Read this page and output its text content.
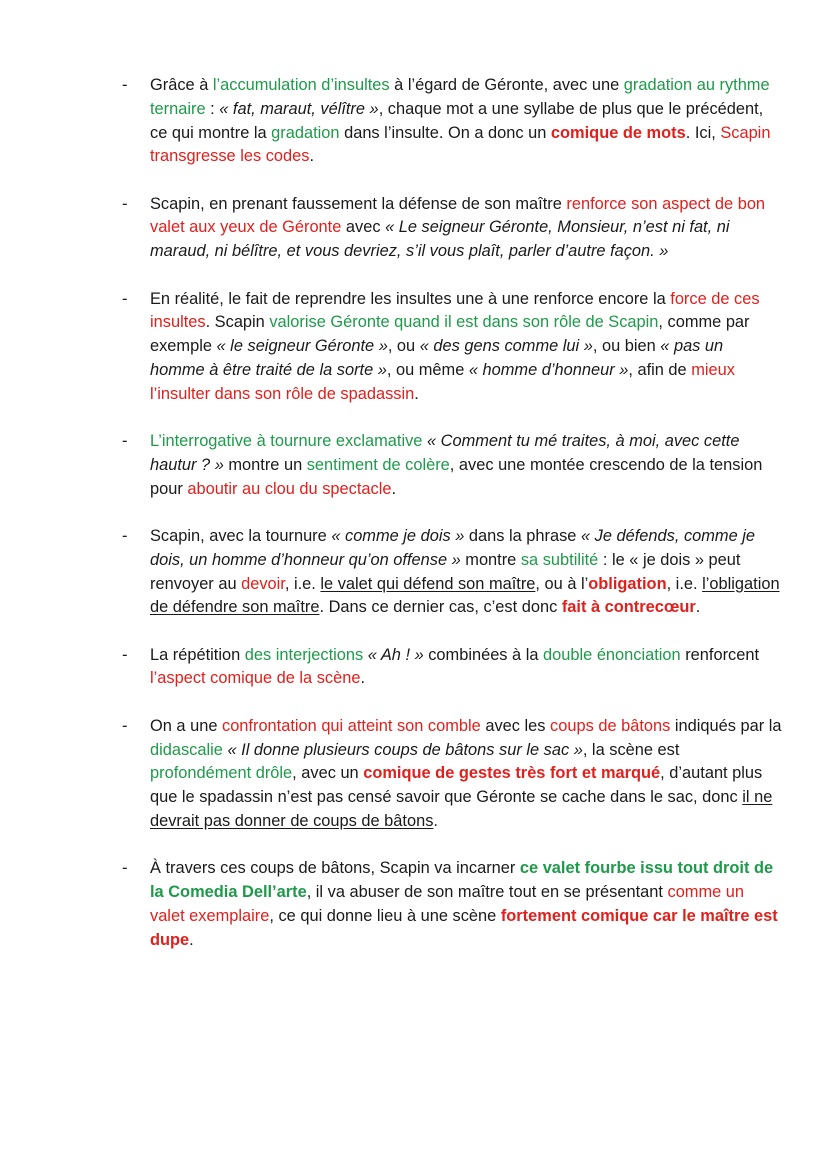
- Grâce à l’accumulation d’insultes à l’égard de Géronte, avec une gradation au rythme ternaire : « fat, maraut, vélître », chaque mot a une syllabe de plus que le précédent, ce qui montre la gradation dans l’insulte. On a donc un comique de mots. Ici, Scapin transgresse les codes.
- Scapin, en prenant faussement la défense de son maître renforce son aspect de bon valet aux yeux de Géronte avec « Le seigneur Géronte, Monsieur, n’est ni fat, ni maraud, ni bélître, et vous devriez, s’il vous plaît, parler d’autre façon. »
- En réalité, le fait de reprendre les insultes une à une renforce encore la force de ces insultes. Scapin valorise Géronte quand il est dans son rôle de Scapin, comme par exemple « le seigneur Géronte », ou « des gens comme lui », ou bien « pas un homme à être traité de la sorte », ou même « homme d’honneur », afin de mieux l’insulter dans son rôle de spadassin.
- L’interrogative à tournure exclamative « Comment tu mé traites, à moi, avec cette hautur ? » montre un sentiment de colère, avec une montée crescendo de la tension pour aboutir au clou du spectacle.
- Scapin, avec la tournure « comme je dois » dans la phrase « Je défends, comme je dois, un homme d’honneur qu’on offense » montre sa subtilité : le « je dois » peut renvoyer au devoir, i.e. le valet qui défend son maître, ou à l’obligation, i.e. l’obligation de défendre son maître. Dans ce dernier cas, c’est donc fait à contrecœur.
- La répétition des interjections « Ah ! » combinées à la double énonciation renforcent l’aspect comique de la scène.
- On a une confrontation qui atteint son comble avec les coups de bâtons indiqués par la didascalie « Il donne plusieurs coups de bâtons sur le sac », la scène est profondément drôle, avec un comique de gestes très fort et marqué, d’autant plus que le spadassin n’est pas censé savoir que Géronte se cache dans le sac, donc il ne devrait pas donner de coups de bâtons.
- À travers ces coups de bâtons, Scapin va incarner ce valet fourbe issu tout droit de la Comedia Dell’arte, il va abuser de son maître tout en se présentant comme un valet exemplaire, ce qui donne lieu à une scène fortement comique car le maître est dupe.
